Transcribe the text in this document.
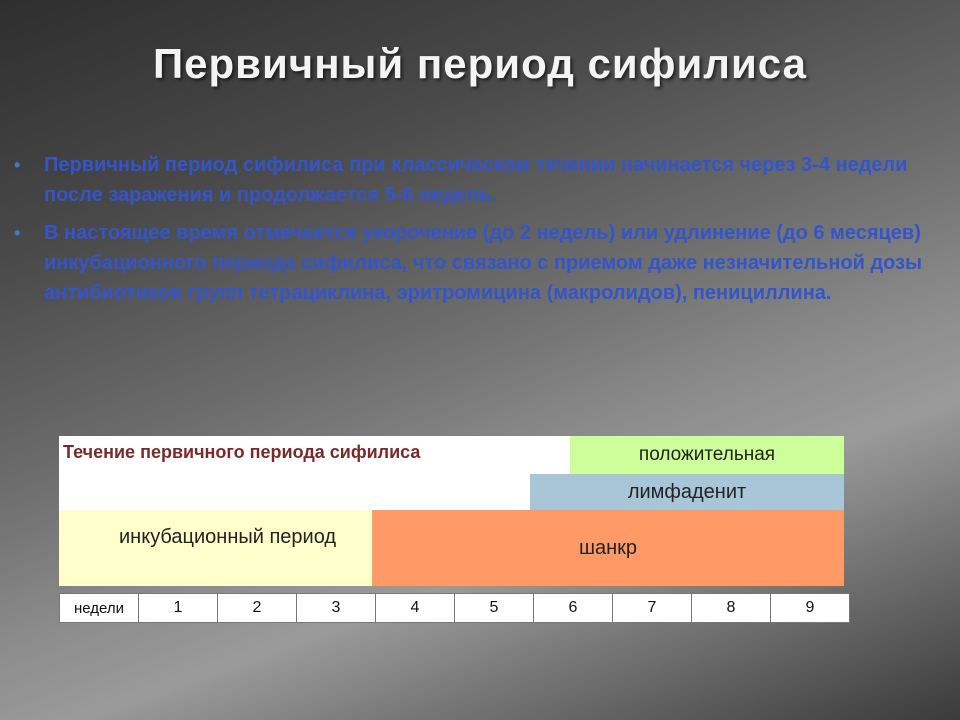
Первичный период сифилиса
• Первичный период сифилиса при классическом течении начинается через 3-4 недели после заражения и продолжается 5-6 недель.
• В настоящее время отмечается укорочение (до 2 недель) или удлинение (до 6 месяцев) инкубационного периода сифилиса, что связано с приемом даже незначительной дозы антибиотиков групп тетрациклина, эритромицина (макролидов), пенициллина.
Течение первичного периода сифилиса	положительная
лимфаденит
инкубационный период	шанкр
недели	1	2	3	4	5	6	7	8	9
